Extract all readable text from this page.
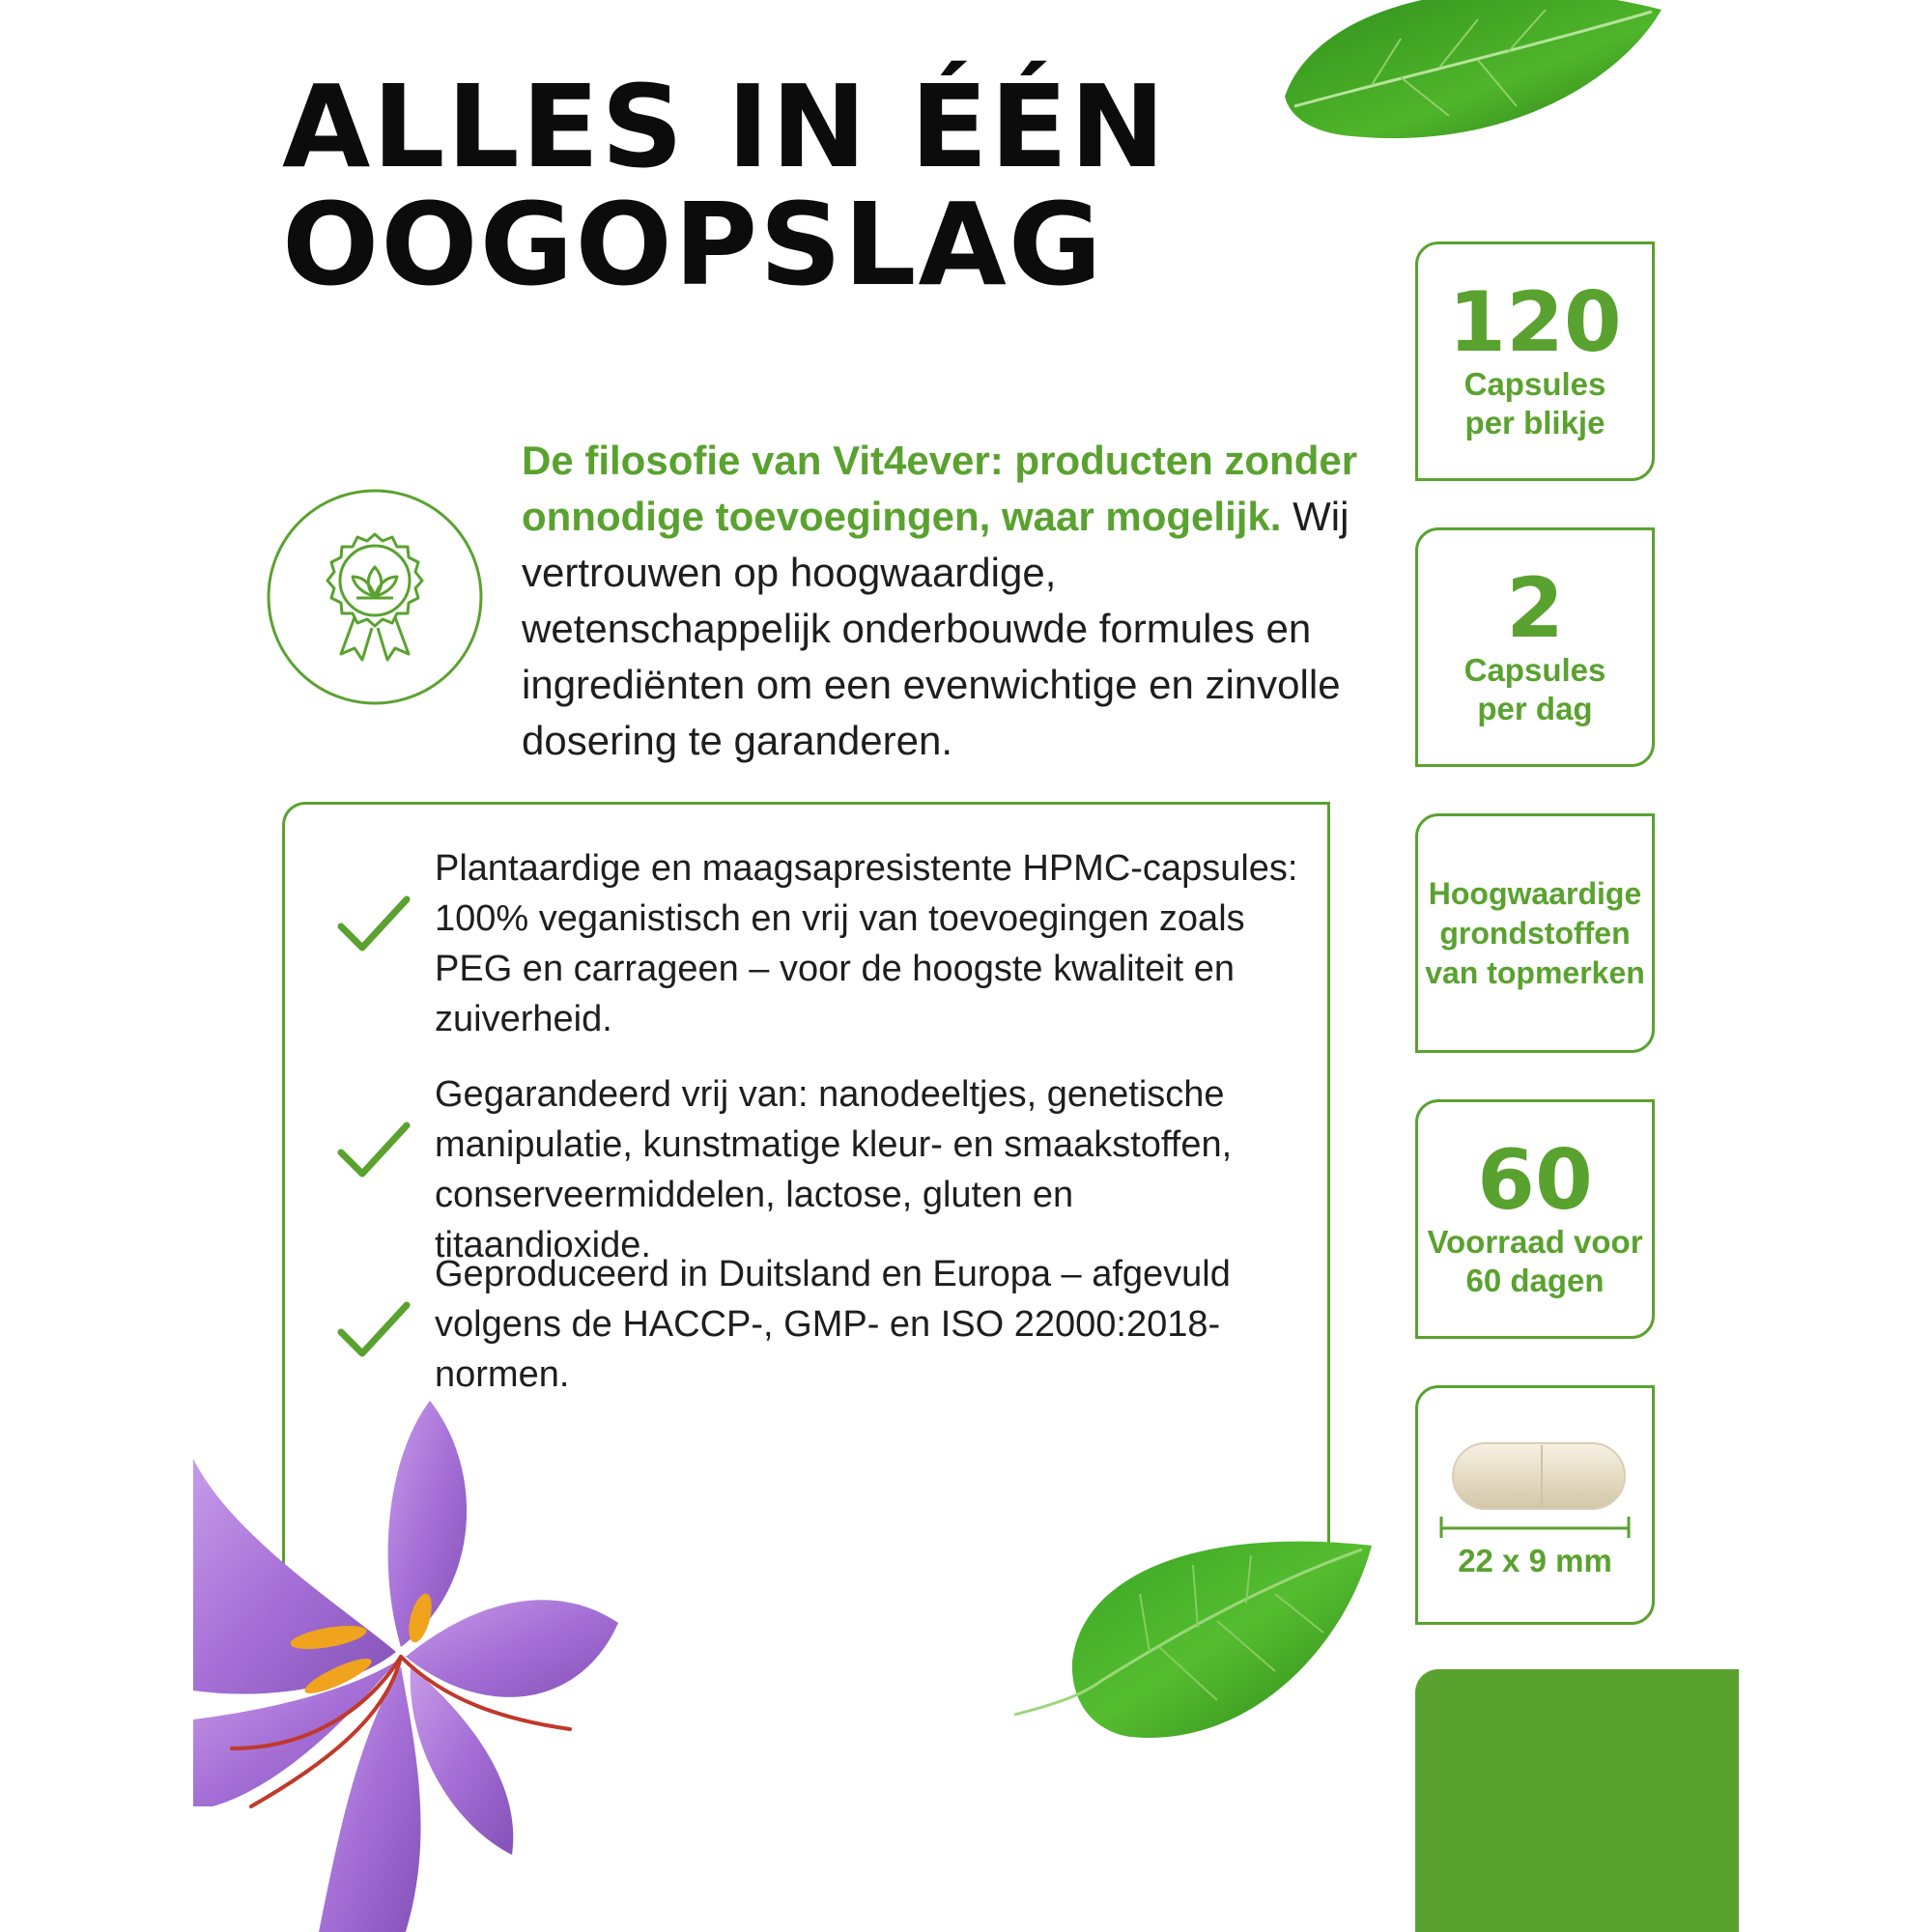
ALLES IN ÉÉN
OOGOPSLAG

De filosofie van Vit4ever: producten zonder onnodige toevoegingen, waar mogelijk. Wij vertrouwen op hoogwaardige, wetenschappelijk onderbouwde formules en ingrediënten om een evenwichtige en zinvolle dosering te garanderen.

Plantaardige en maagsapresistente HPMC-capsules: 100% veganistisch en vrij van toevoegingen zoals PEG en carrageen – voor de hoogste kwaliteit en zuiverheid.

Gegarandeerd vrij van: nanodeeltjes, genetische manipulatie, kunstmatige kleur- en smaakstoffen, conserveermiddelen, lactose, gluten en titaandioxide.

Geproduceerd in Duitsland en Europa – afgevuld volgens de HACCP-, GMP- en ISO 22000:2018-normen.

120
Capsules
per blikje
2
Capsules
per dag
Hoogwaardige
grondstoffen
van topmerken
60
Voorraad voor
60 dagen
22 x 9 mm
